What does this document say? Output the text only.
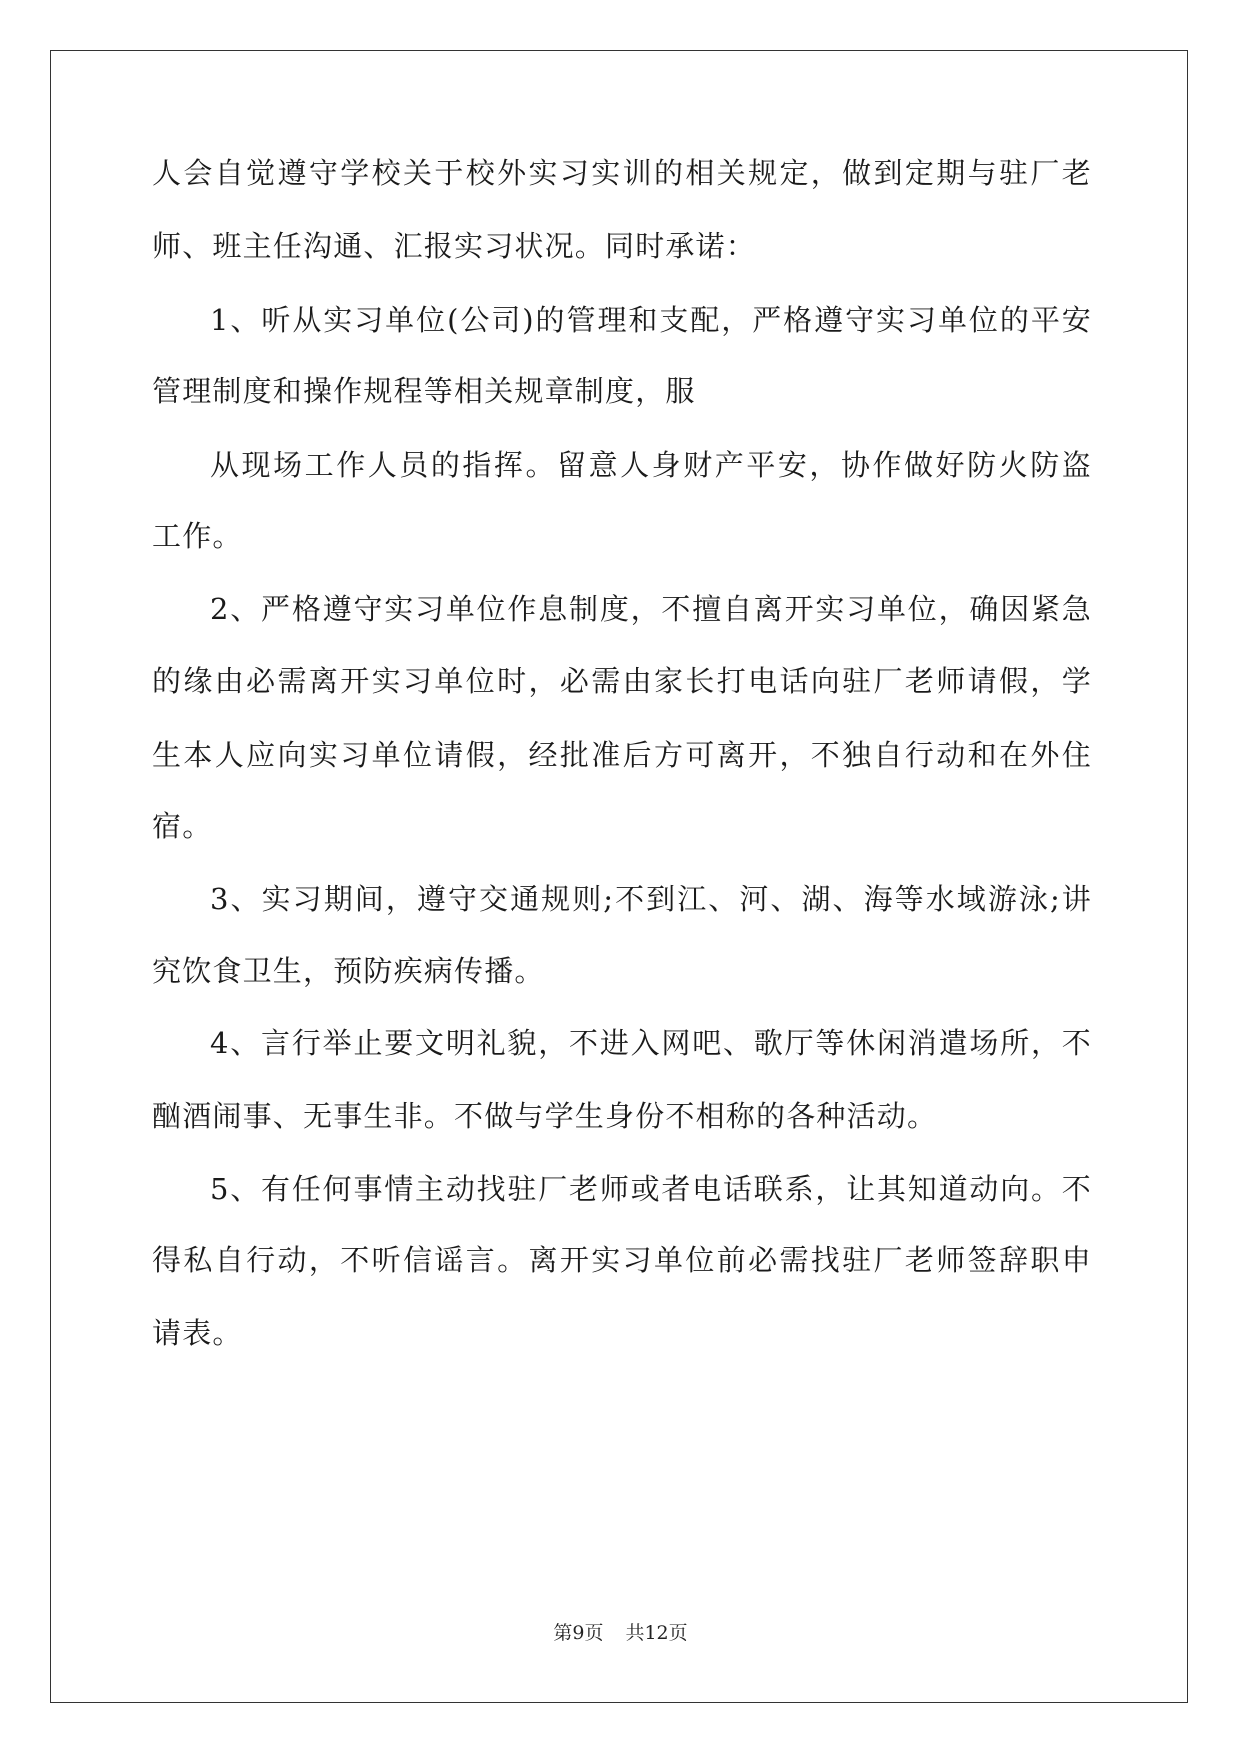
人会自觉遵守学校关于校外实习实训的相关规定，做到定期与驻厂老
师、班主任沟通、汇报实习状况。同时承诺：
1、听从实习单位(公司)的管理和支配，严格遵守实习单位的平安
管理制度和操作规程等相关规章制度，服
从现场工作人员的指挥。留意人身财产平安，协作做好防火防盗
工作。
2、严格遵守实习单位作息制度，不擅自离开实习单位，确因紧急
的缘由必需离开实习单位时，必需由家长打电话向驻厂老师请假，学
生本人应向实习单位请假，经批准后方可离开，不独自行动和在外住
宿。
3、实习期间，遵守交通规则;不到江、河、湖、海等水域游泳;讲
究饮食卫生，预防疾病传播。
4、言行举止要文明礼貌，不进入网吧、歌厅等休闲消遣场所，不
酗酒闹事、无事生非。不做与学生身份不相称的各种活动。
5、有任何事情主动找驻厂老师或者电话联系，让其知道动向。不
得私自行动，不听信谣言。离开实习单位前必需找驻厂老师签辞职申
请表。
第9页 共12页
